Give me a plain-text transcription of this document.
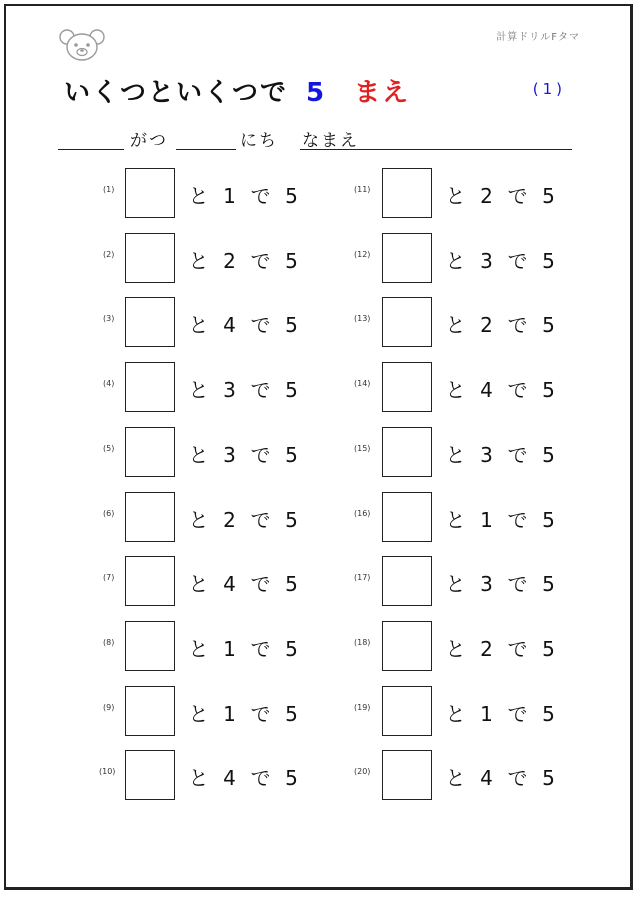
計算ドリルFタマ
いくつといくつで 5 まえ	(1)
がつ	にち なまえ
(1)	と 1 で 5
(2)	と 2 で 5
(3)	と 4 で 5
(4)	と 3 で 5
(5)	と 3 で 5
(6)	と 2 で 5
(7)	と 4 で 5
(8)	と 1 で 5
(9)	と 1 で 5
(10)	と 4 で 5
(11)	と 2 で 5
(12)	と 3 で 5
(13)	と 2 で 5
(14)	と 4 で 5
(15)	と 3 で 5
(16)	と 1 で 5
(17)	と 3 で 5
(18)	と 2 で 5
(19)	と 1 で 5
(20)	と 4 で 5
